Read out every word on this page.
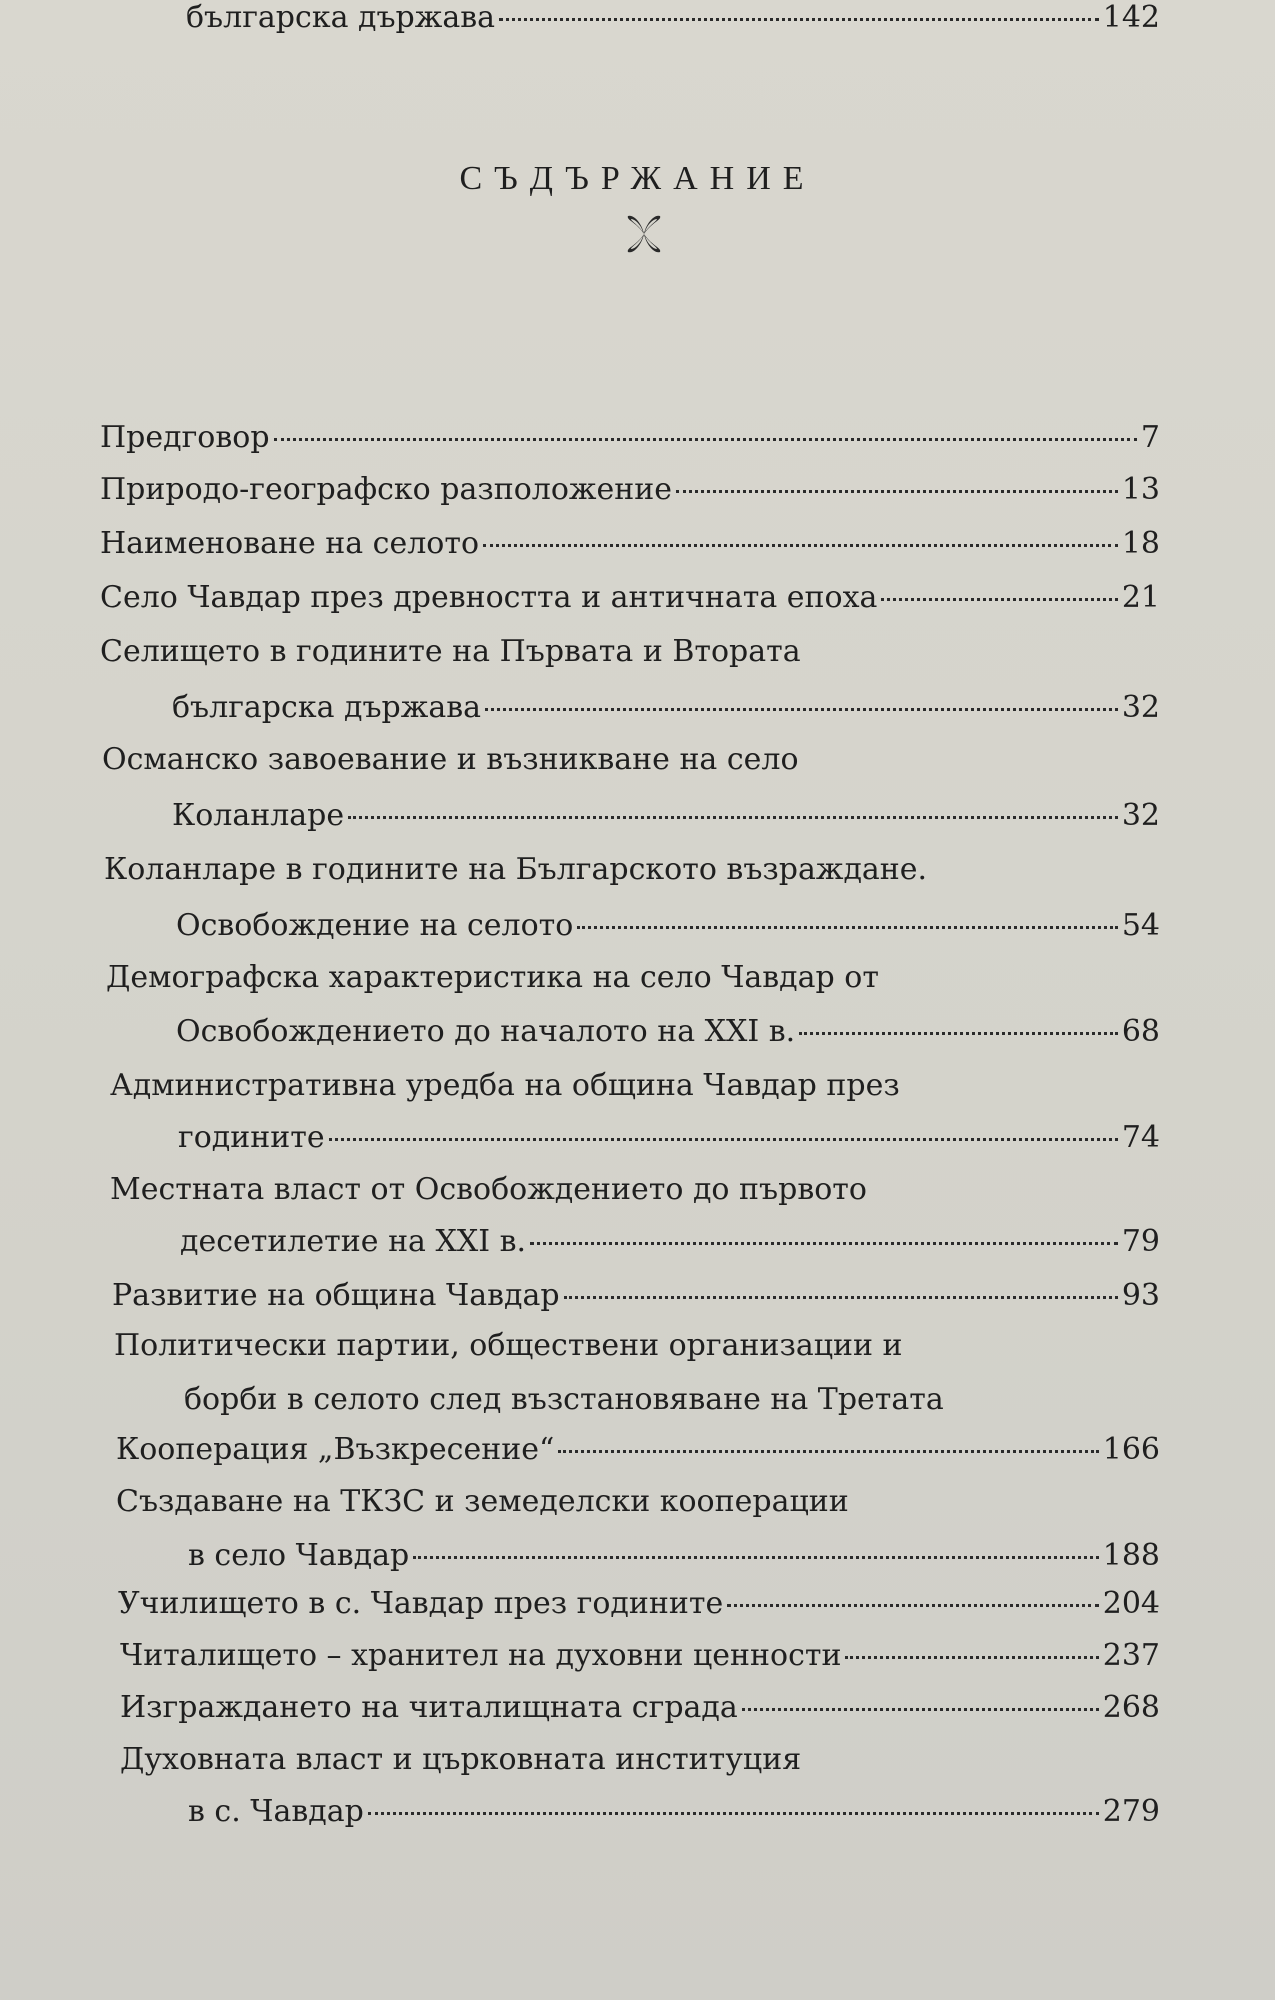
СЪДЪРЖАНИЕ
Предговор	7
Природо-географско разположение	13
Наименоване на селото	18
Село Чавдар през древността и античната епоха	21
Селището в годините на Първата и Втората
българска държава	32
Османско завоевание и възникване на село
Коланларе	32
Коланларе в годините на Българското възраждане.
Освобождение на селото	54
Демографска характеристика на село Чавдар от
Освобождението до началото на XXI в.	68
Административна уредба на община Чавдар през
годините	74
Местната власт от Освобождението до първото
десетилетие на XXI в.	79
Развитие на община Чавдар	93
Политически партии, обществени организации и
борби в селото след възстановяване на Третата
българска държава	142
Кооперация „Възкресение“	166
Създаване на ТКЗС и земеделски кооперации
в село Чавдар	188
Училището в с. Чавдар през годините	204
Читалището – хранител на духовни ценности	237
Изграждането на читалищната сграда	268
Духовната власт и църковната институция
в с. Чавдар	279
